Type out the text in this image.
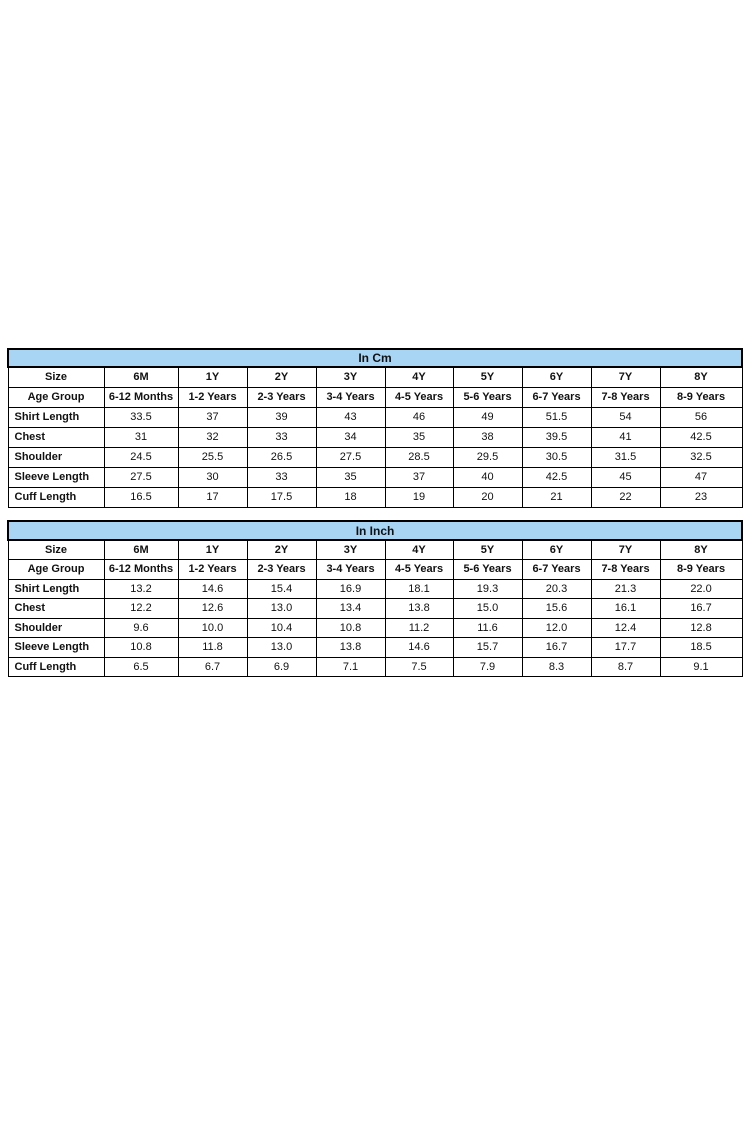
In Cm									
Size	6M	1Y	2Y	3Y	4Y	5Y	6Y	7Y	8Y
Age Group	6-12 Months	1-2 Years	2-3 Years	3-4 Years	4-5 Years	5-6 Years	6-7 Years	7-8 Years	8-9 Years
Shirt Length	33.5	37	39	43	46	49	51.5	54	56
Chest	31	32	33	34	35	38	39.5	41	42.5
Shoulder	24.5	25.5	26.5	27.5	28.5	29.5	30.5	31.5	32.5
Sleeve Length	27.5	30	33	35	37	40	42.5	45	47
Cuff Length	16.5	17	17.5	18	19	20	21	22	23
In Inch									
Size	6M	1Y	2Y	3Y	4Y	5Y	6Y	7Y	8Y
Age Group	6-12 Months	1-2 Years	2-3 Years	3-4 Years	4-5 Years	5-6 Years	6-7 Years	7-8 Years	8-9 Years
Shirt Length	13.2	14.6	15.4	16.9	18.1	19.3	20.3	21.3	22.0
Chest	12.2	12.6	13.0	13.4	13.8	15.0	15.6	16.1	16.7
Shoulder	9.6	10.0	10.4	10.8	11.2	11.6	12.0	12.4	12.8
Sleeve Length	10.8	11.8	13.0	13.8	14.6	15.7	16.7	17.7	18.5
Cuff Length	6.5	6.7	6.9	7.1	7.5	7.9	8.3	8.7	9.1
